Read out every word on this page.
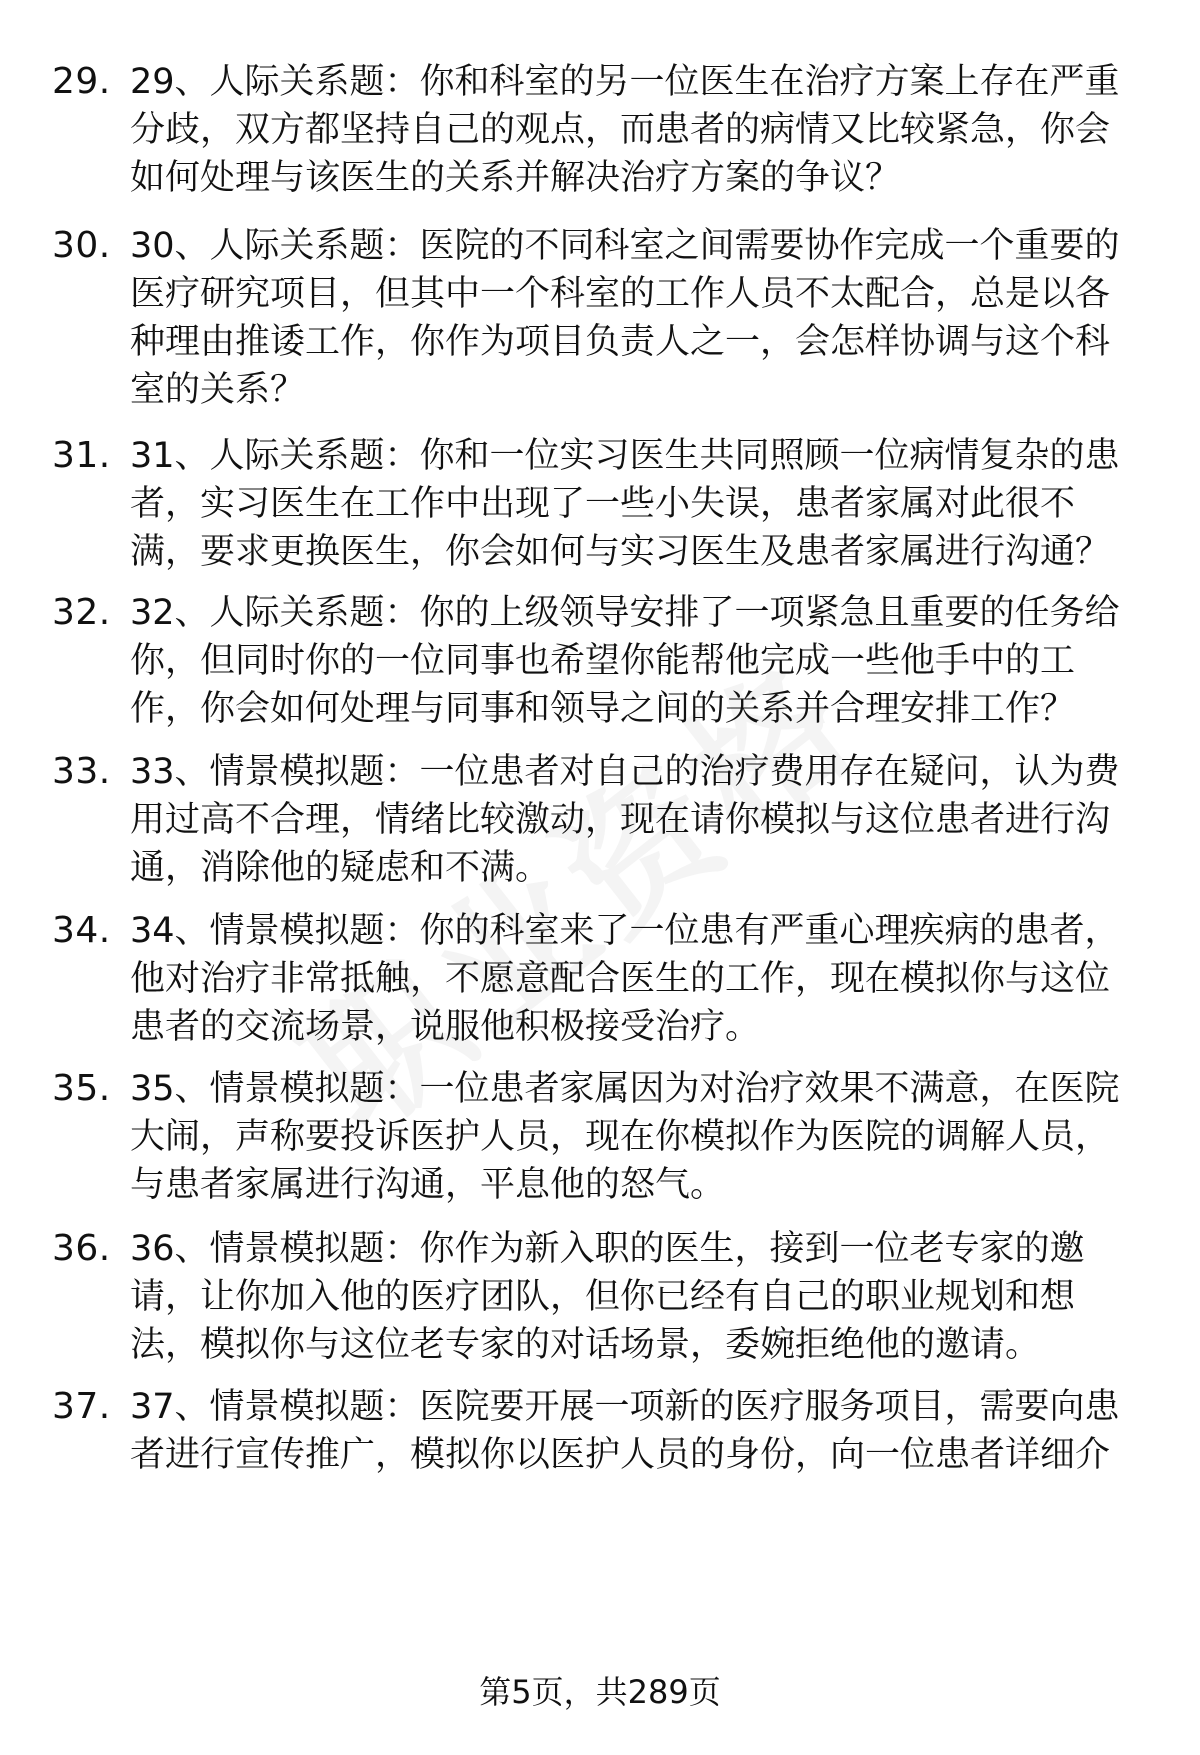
29. 29、人际关系题：你和科室的另一位医生在治疗方案上存在严重分歧，双方都坚持自己的观点，而患者的病情又比较紧急，你会如何处理与该医生的关系并解决治疗方案的争议？
30. 30、人际关系题：医院的不同科室之间需要协作完成一个重要的医疗研究项目，但其中一个科室的工作人员不太配合，总是以各种理由推诿工作，你作为项目负责人之一，会怎样协调与这个科室的关系？
31. 31、人际关系题：你和一位实习医生共同照顾一位病情复杂的患者，实习医生在工作中出现了一些小失误，患者家属对此很不满，要求更换医生，你会如何与实习医生及患者家属进行沟通？
32. 32、人际关系题：你的上级领导安排了一项紧急且重要的任务给你，但同时你的一位同事也希望你能帮他完成一些他手中的工作，你会如何处理与同事和领导之间的关系并合理安排工作？
33. 33、情景模拟题：一位患者对自己的治疗费用存在疑问，认为费用过高不合理，情绪比较激动，现在请你模拟与这位患者进行沟通，消除他的疑虑和不满。
34. 34、情景模拟题：你的科室来了一位患有严重心理疾病的患者，他对治疗非常抵触，不愿意配合医生的工作，现在模拟你与这位患者的交流场景，说服他积极接受治疗。
35. 35、情景模拟题：一位患者家属因为对治疗效果不满意，在医院大闹，声称要投诉医护人员，现在你模拟作为医院的调解人员，与患者家属进行沟通，平息他的怒气。
36. 36、情景模拟题：你作为新入职的医生，接到一位老专家的邀请，让你加入他的医疗团队，但你已经有自己的职业规划和想法，模拟你与这位老专家的对话场景，委婉拒绝他的邀请。
37. 37、情景模拟题：医院要开展一项新的医疗服务项目，需要向患者进行宣传推广，模拟你以医护人员的身份，向一位患者详细介
第5页，共289页
